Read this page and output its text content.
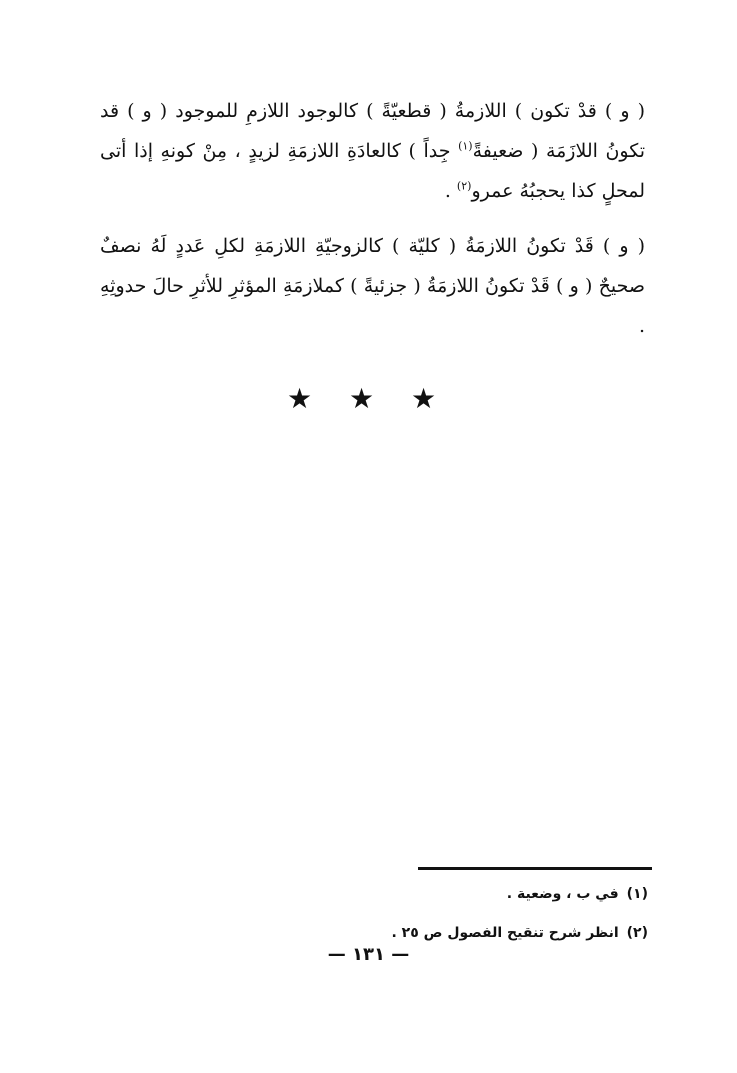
( و ) قدْ تكون ) اللازمةُ ( قطعيّةً ) كالوجود اللازمِ للموجود ( و ) قد تكونُ اللازَمَة ( ضعيفةً$^{(١)}$ جِداً ) كالعادَةِ اللازمَةِ لزيدٍ ، مِنْ كونهِ إذا أتى لمحلٍ كذا يحجبُهُ عمرو$^{(٢)}$ .

( و ) قَدْ تكونُ اللازمَةُ ( كليّة ) كالزوجيّةِ اللازمَةِ لكلِ عَددٍ لَهُ نصفٌ صحيحٌ ( و ) قَدْ تكونُ اللازمَةُ ( جزئيةً ) كملازمَةِ المؤثرِ للأثرِ حالَ حدوثِهِ .

★ ★ ★
(١)في ب ، وضعية .
(٢)انظر شرح تنقيح الفصول ص ٢٥ .
— ١٣١ —
